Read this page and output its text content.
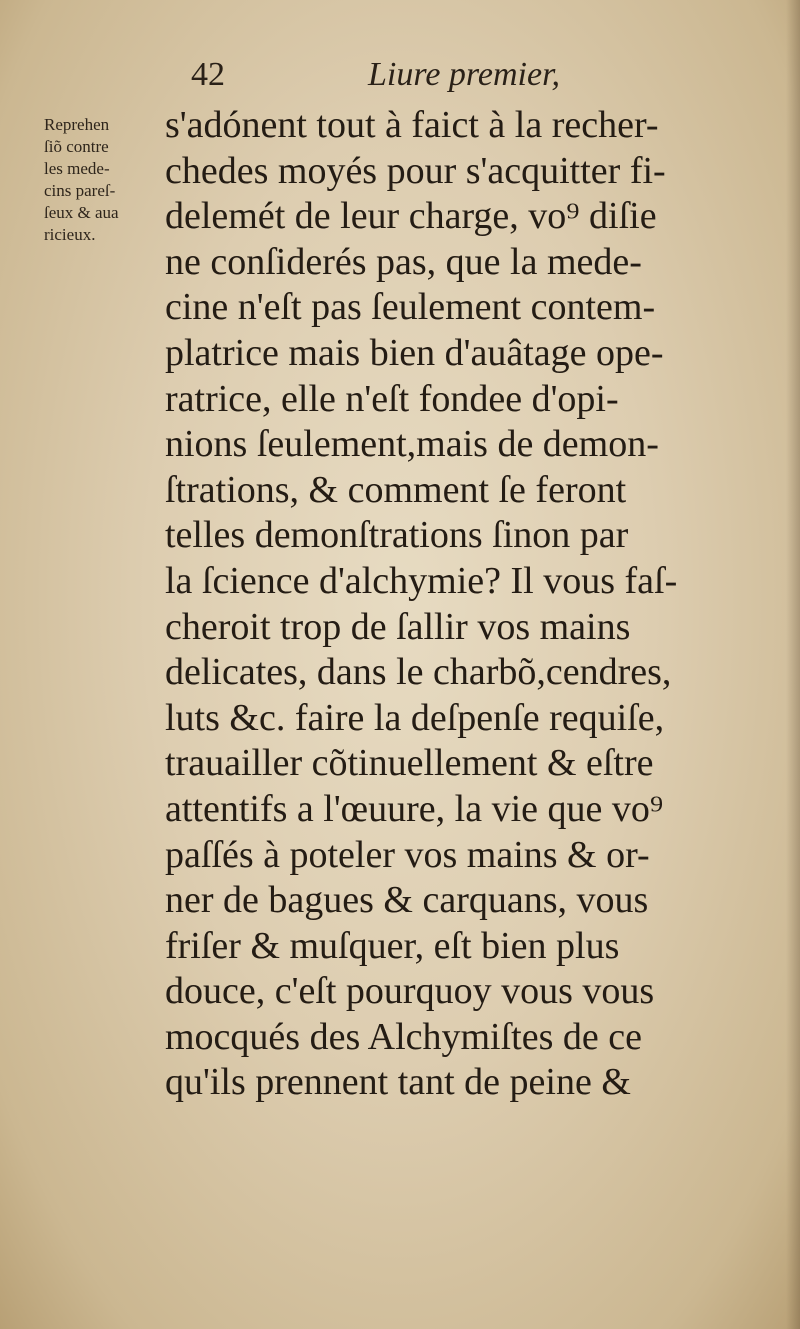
42	Liure premier,
Reprehen
ſiõ contre
les mede-
cins pareſ-
ſeux & aua
ricieux.
s'adónent tout à faict à la recher-
chedes moyés pour s'acquitter fi-
delemét de leur charge, vo⁹ diſie
ne conſiderés pas, que la mede-
cine n'eſt pas ſeulement contem-
platrice mais bien d'auâtage ope-
ratrice, elle n'eſt fondee d'opi-
nions ſeulement,mais de demon-
ſtrations, & comment ſe feront
telles demonſtrations ſinon par
la ſcience d'alchymie? Il vous faſ-
cheroit trop de ſallir vos mains
delicates, dans le charbõ,cendres,
luts &c. faire la deſpenſe requiſe,
trauailler cõtinuellement & eſtre
attentifs a l'œuure, la vie que vo⁹
paſſés à poteler vos mains & or-
ner de bagues & carquans, vous
friſer & muſquer, eſt bien plus
douce, c'eſt pourquoy vous vous
mocqués des Alchymiſtes de ce
qu'ils prennent tant de peine &
